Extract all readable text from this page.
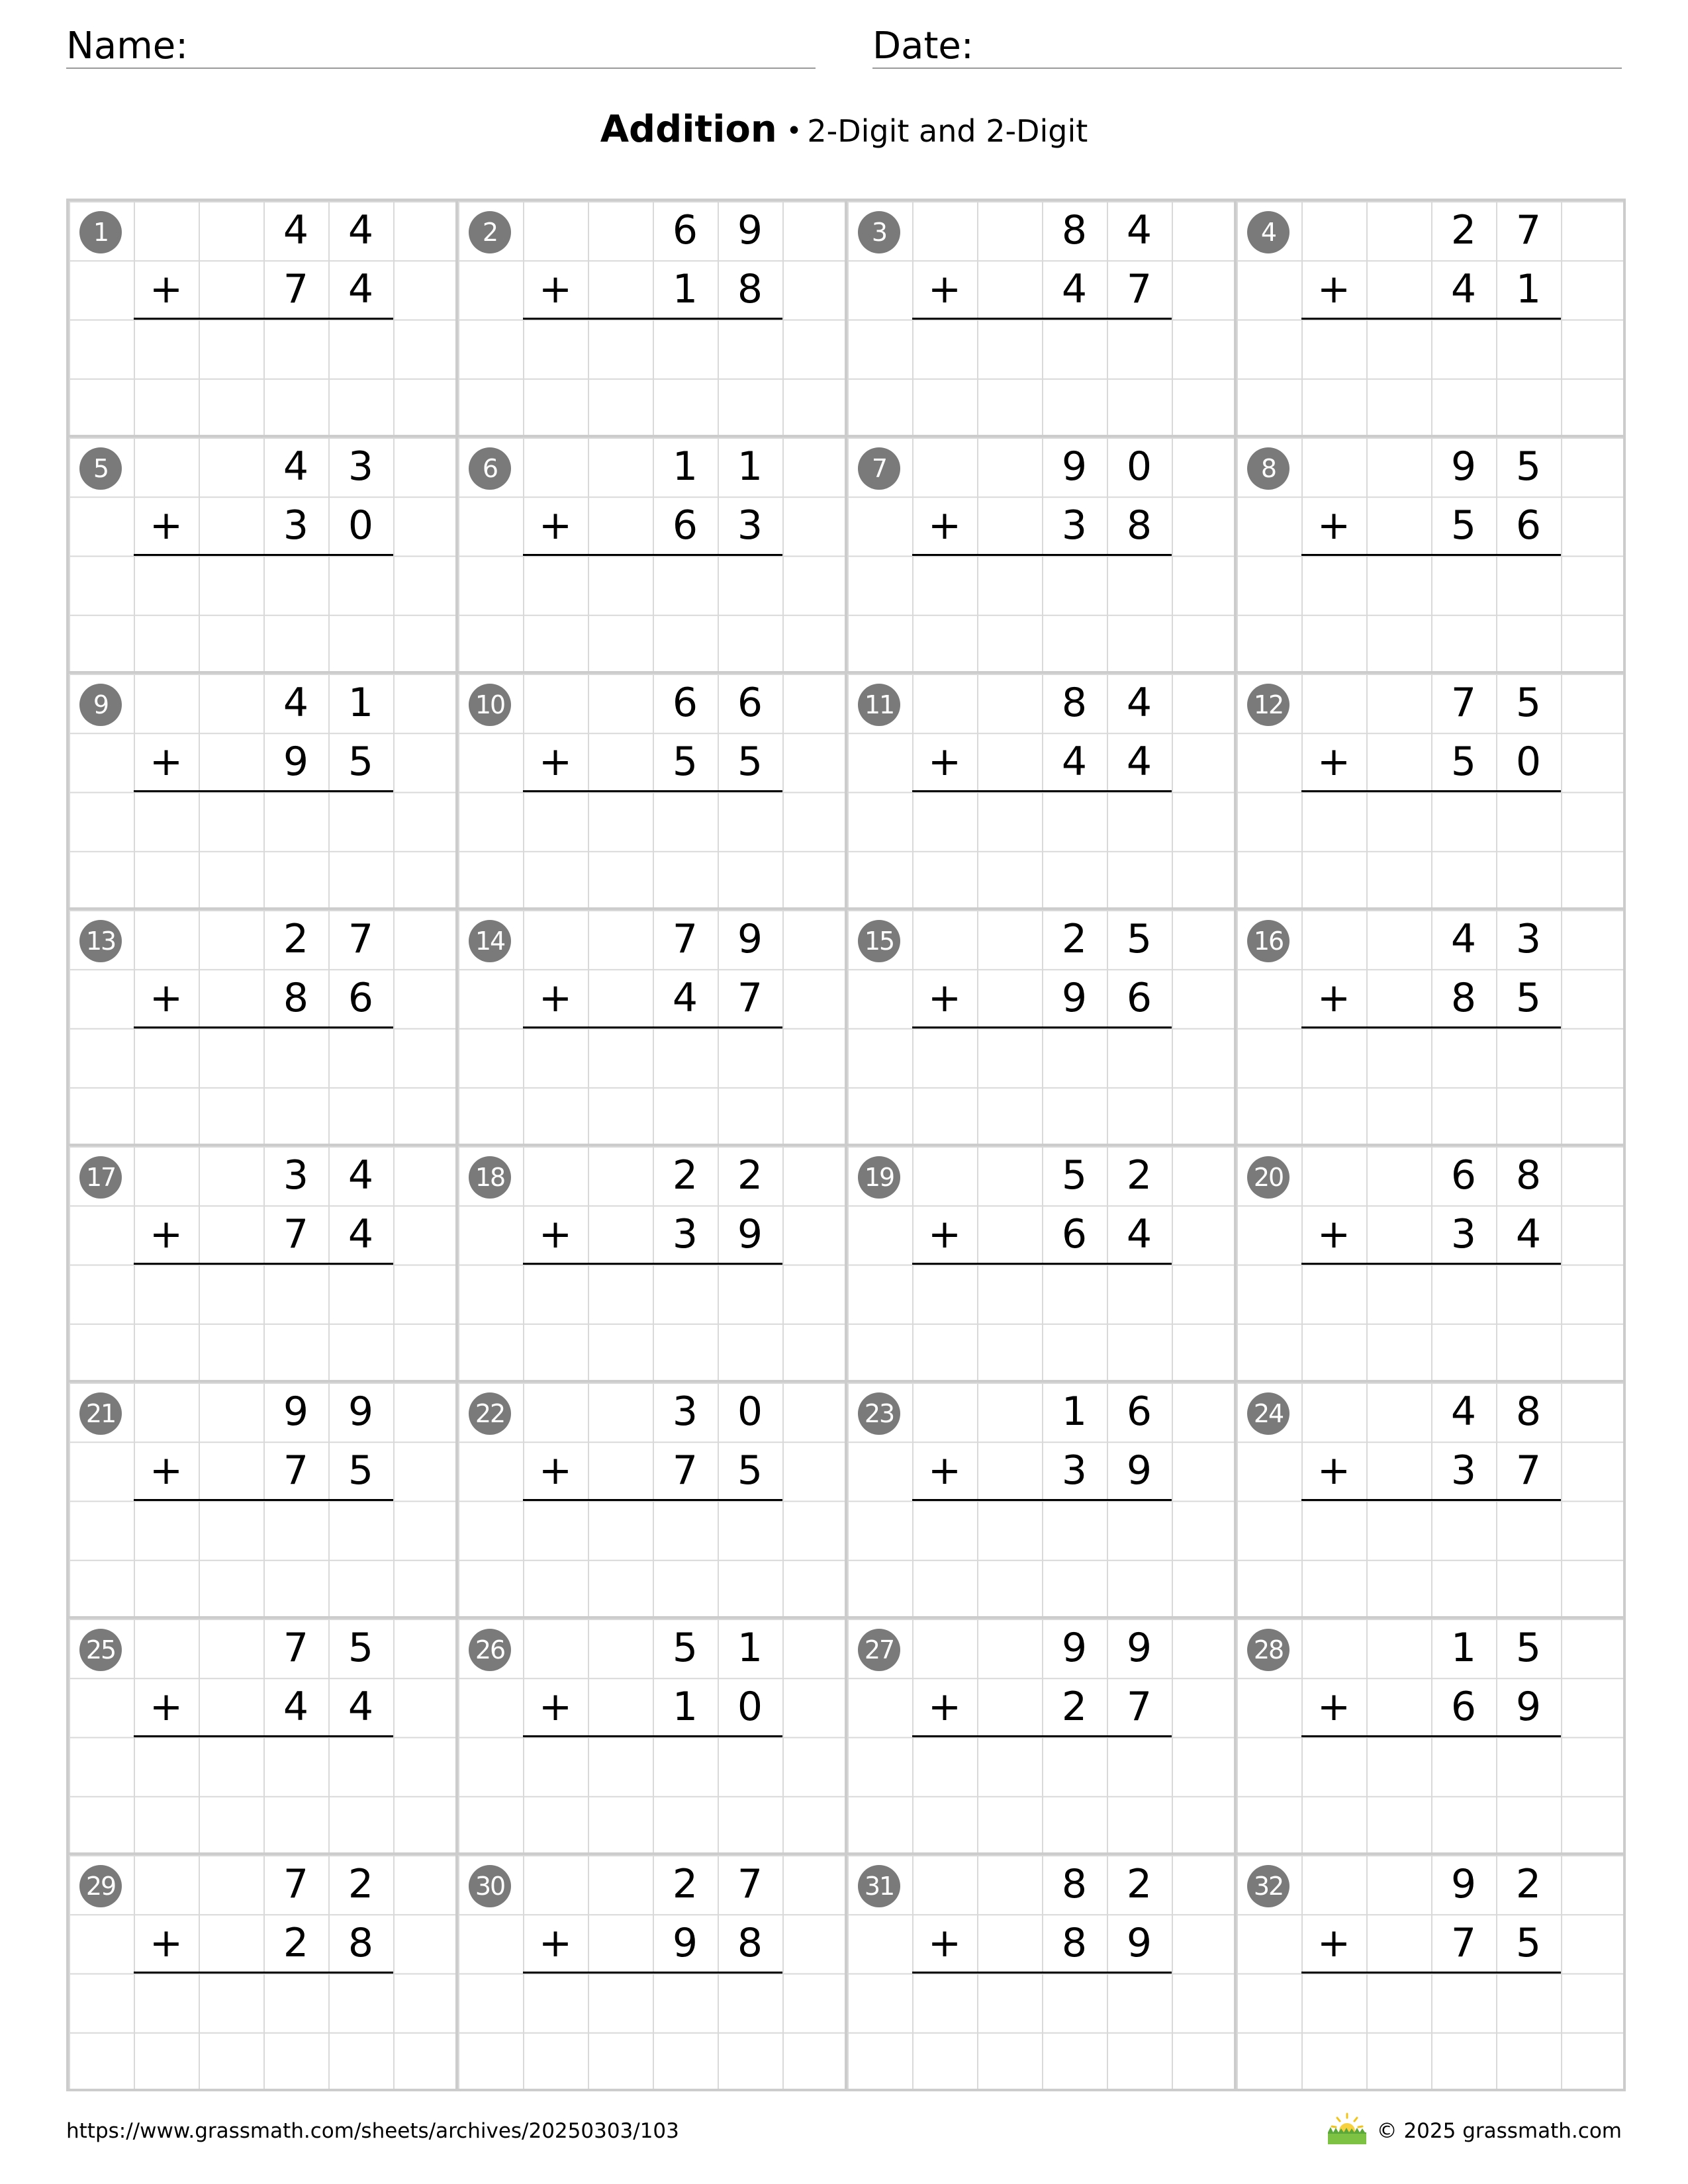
Name:	Date:
Addition • 2-Digit and 2-Digit
1	4 4
+	7 4
2	6 9
+	1 8
3	8 4
+	4 7
4	2 7
+	4 1
5	4 3
+	3 0
6	1 1
+	6 3
7	9 0
+	3 8
8	9 5
+	5 6
9	4 1
+	9 5
10	6 6
+	5 5
11	8 4
+	4 4
12	7 5
+	5 0
13	2 7
+	8 6
14	7 9
+	4 7
15	2 5
+	9 6
16	4 3
+	8 5
17	3 4
+	7 4
18	2 2
+	3 9
19	5 2
+	6 4
20	6 8
+	3 4
21	9 9
+	7 5
22	3 0
+	7 5
23	1 6
+	3 9
24	4 8
+	3 7
25	7 5
+	4 4
26	5 1
+	1 0
27	9 9
+	2 7
28	1 5
+	6 9
29	7 2
+	2 8
30	2 7
+	9 8
31	8 2
+	8 9
32	9 2
+	7 5
https://www.grassmath.com/sheets/archives/20250303/103	© 2025 grassmath.com
